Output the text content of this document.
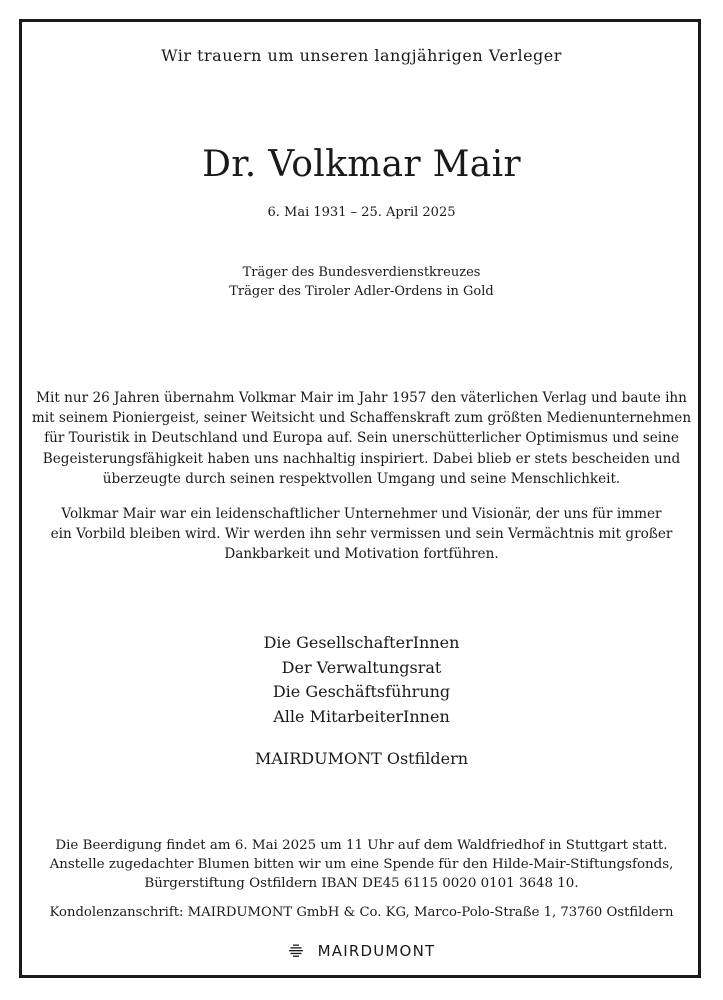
Wir trauern um unseren langjährigen Verleger
Dr. Volkmar Mair
6. Mai 1931 – 25. April 2025
Träger des Bundesverdienstkreuzes
Träger des Tiroler Adler-Ordens in Gold
Mit nur 26 Jahren übernahm Volkmar Mair im Jahr 1957 den väterlichen Verlag und baute ihn
mit seinem Pioniergeist, seiner Weitsicht und Schaffenskraft zum größten Medienunternehmen
für Touristik in Deutschland und Europa auf. Sein unerschütterlicher Optimismus und seine
Begeisterungsfähigkeit haben uns nachhaltig inspiriert. Dabei blieb er stets bescheiden und
überzeugte durch seinen respektvollen Umgang und seine Menschlichkeit.
Volkmar Mair war ein leidenschaftlicher Unternehmer und Visionär, der uns für immer
ein Vorbild bleiben wird. Wir werden ihn sehr vermissen und sein Vermächtnis mit großer
Dankbarkeit und Motivation fortführen.
Die GesellschafterInnen
Der Verwaltungsrat
Die Geschäftsführung
Alle MitarbeiterInnen
MAIRDUMONT Ostfildern
Die Beerdigung findet am 6. Mai 2025 um 11 Uhr auf dem Waldfriedhof in Stuttgart statt.
Anstelle zugedachter Blumen bitten wir um eine Spende für den Hilde-Mair-Stiftungsfonds,
Bürgerstiftung Ostfildern IBAN DE45 6115 0020 0101 3648 10.
Kondolenzanschrift: MAIRDUMONT GmbH & Co. KG, Marco-Polo-Straße 1, 73760 Ostfildern
MAIRDUMONT
